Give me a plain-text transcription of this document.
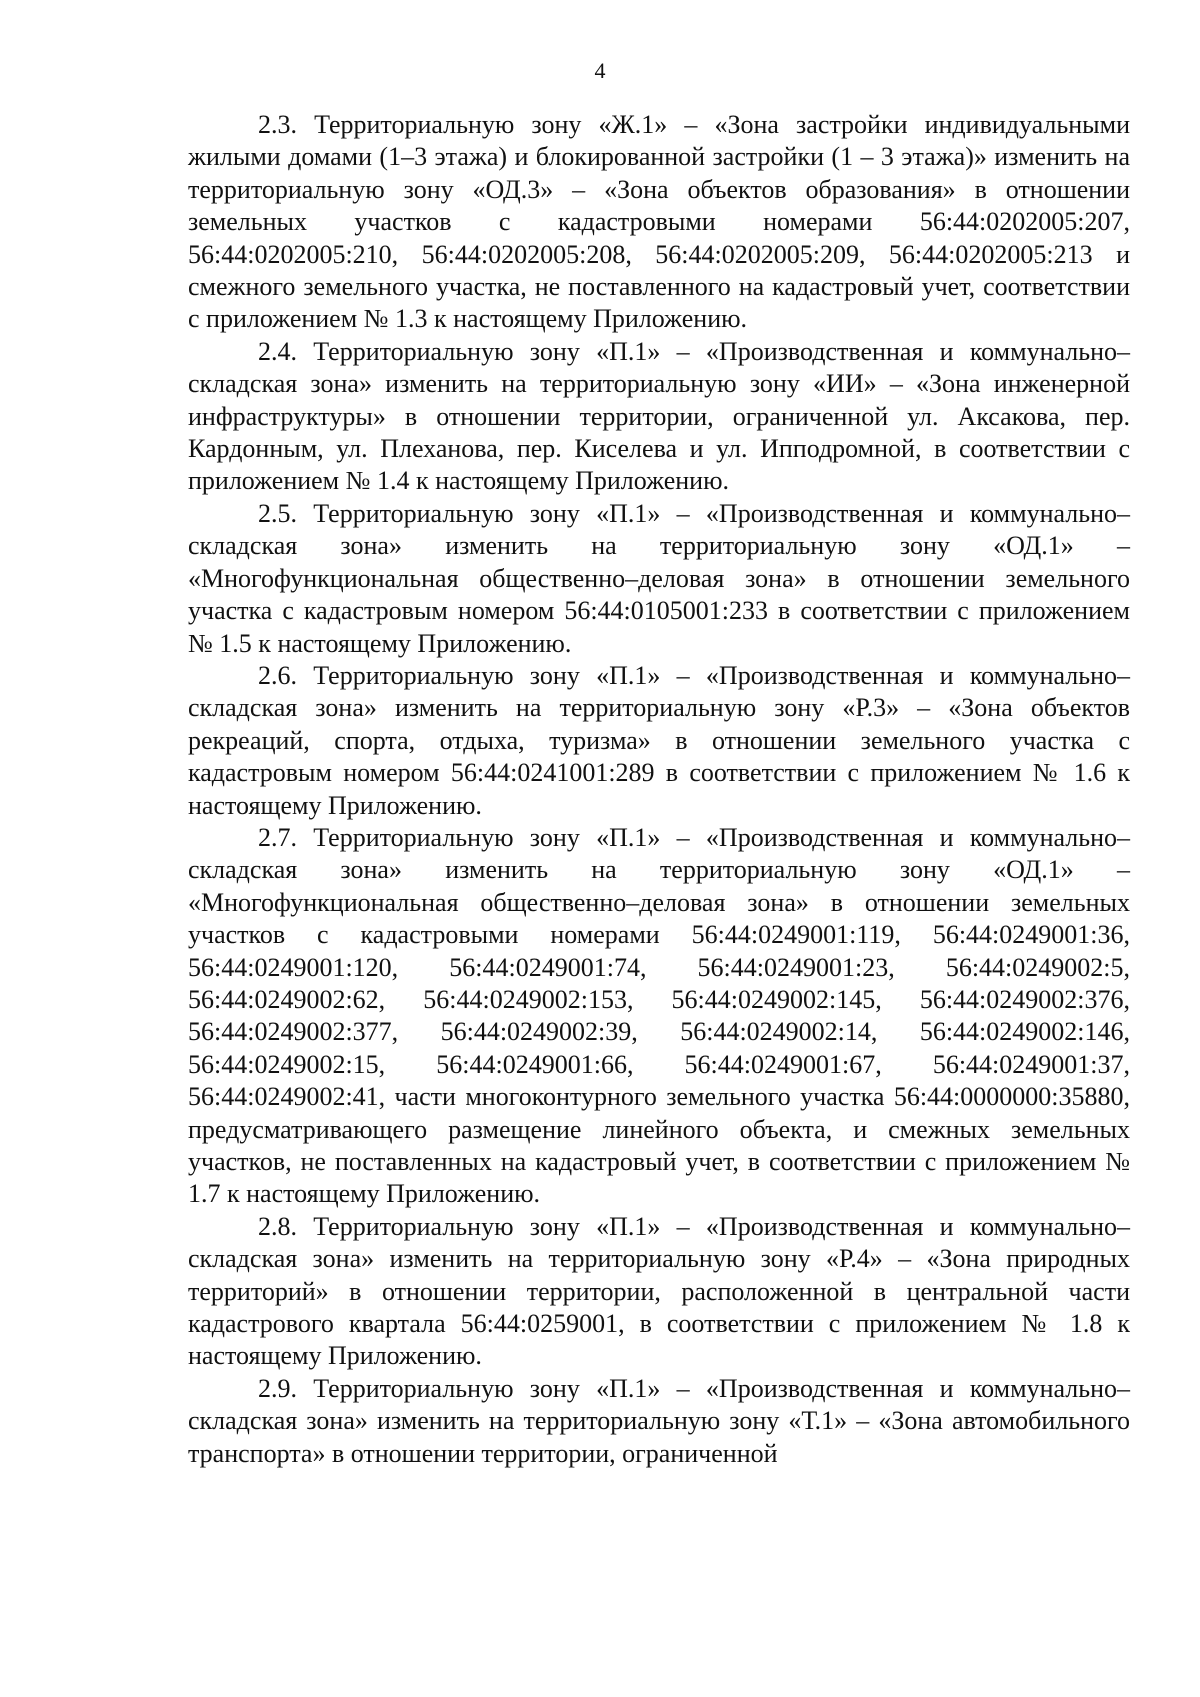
4

2.3. Территориальную зону «Ж.1» – «Зона застройки индивидуальными жилыми домами (1–3 этажа) и блокированной застройки (1 – 3 этажа)» изменить на территориальную зону «ОД.3» – «Зона объектов образования» в отношении земельных участков с кадастровыми номерами 56:44:0202005:207, 56:44:0202005:210, 56:44:0202005:208, 56:44:0202005:209, 56:44:0202005:213 и смежного земельного участка, не поставленного на кадастровый учет, соответствии с приложением № 1.3 к настоящему Приложению.

2.4. Территориальную зону «П.1» – «Производственная и коммунально–складская зона» изменить на территориальную зону «ИИ» – «Зона инженерной инфраструктуры» в отношении территории, ограниченной ул. Аксакова, пер. Кардонным, ул. Плеханова, пер. Киселева и ул. Ипподромной, в соответствии с приложением № 1.4 к настоящему Приложению.

2.5. Территориальную зону «П.1» – «Производственная и коммунально–складская зона» изменить на территориальную зону «ОД.1» – «Многофункциональная общественно–деловая зона» в отношении земельного участка с кадастровым номером 56:44:0105001:233 в соответствии с приложением № 1.5 к настоящему Приложению.

2.6. Территориальную зону «П.1» – «Производственная и коммунально–складская зона» изменить на территориальную зону «Р.3» – «Зона объектов рекреаций, спорта, отдыха, туризма» в отношении земельного участка с кадастровым номером 56:44:0241001:289 в соответствии с приложением № 1.6 к настоящему Приложению.

2.7. Территориальную зону «П.1» – «Производственная и коммунально–складская зона» изменить на территориальную зону «ОД.1» – «Многофункциональная общественно–деловая зона» в отношении земельных участков с кадастровыми номерами 56:44:0249001:119, 56:44:0249001:36, 56:44:0249001:120, 56:44:0249001:74, 56:44:0249001:23, 56:44:0249002:5, 56:44:0249002:62, 56:44:0249002:153, 56:44:0249002:145, 56:44:0249002:376, 56:44:0249002:377, 56:44:0249002:39, 56:44:0249002:14, 56:44:0249002:146, 56:44:0249002:15, 56:44:0249001:66, 56:44:0249001:67, 56:44:0249001:37, 56:44:0249002:41, части многоконтурного земельного участка 56:44:0000000:35880, предусматривающего размещение линейного объекта, и смежных земельных участков, не поставленных на кадастровый учет, в соответствии с приложением № 1.7 к настоящему Приложению.

2.8. Территориальную зону «П.1» – «Производственная и коммунально–складская зона» изменить на территориальную зону «Р.4» – «Зона природных территорий» в отношении территории, расположенной в центральной части кадастрового квартала 56:44:0259001, в соответствии с приложением № 1.8 к настоящему Приложению.

2.9. Территориальную зону «П.1» – «Производственная и коммунально–складская зона» изменить на территориальную зону «Т.1» – «Зона автомобильного транспорта» в отношении территории, ограниченной
